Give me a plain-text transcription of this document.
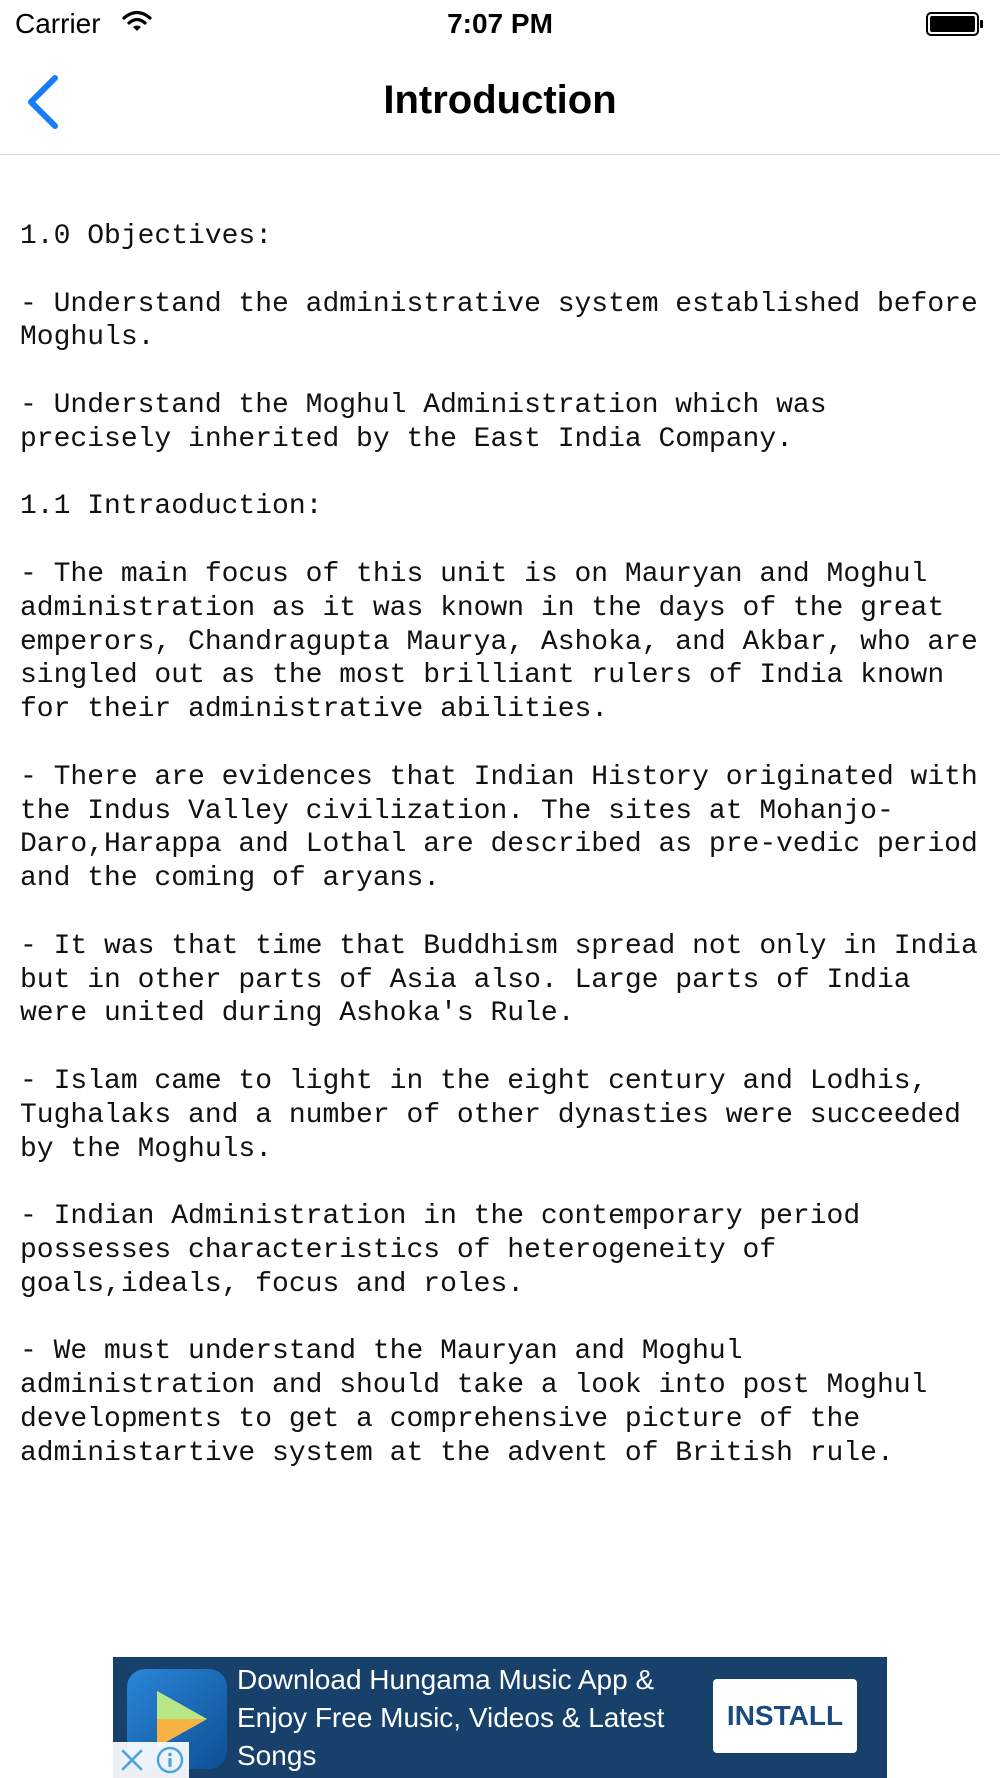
Carrier	7:07 PM
Introduction
1.0 Objectives:

- Understand the administrative system established before Moghuls.

- Understand the Moghul Administration which was precisely inherited by the East India Company.

1.1 Intraoduction:

- The main focus of this unit is on Mauryan and Moghul administration as it was known in the days of the great emperors, Chandragupta Maurya, Ashoka, and Akbar, who are singled out as the most brilliant rulers of India known for their administrative abilities.

- There are evidences that Indian History originated with the Indus Valley civilization. The sites at Mohanjo-Daro,Harappa and Lothal are described as pre-vedic period and the coming of aryans.

- It was that time that Buddhism spread not only in India but in other parts of Asia also. Large parts of India were united during Ashoka's Rule.

- Islam came to light in the eight century and Lodhis, Tughalaks and a number of other dynasties were succeeded by the Moghuls.

- Indian Administration in the contemporary period possesses characteristics of heterogeneity of goals,ideals, focus and roles.

- We must understand the Mauryan and Moghul administration and should take a look into post Moghul developments to get a comprehensive picture of the administartive system at the advent of British rule.
Download Hungama Music App & Enjoy Free Music, Videos & Latest Songs
INSTALL
